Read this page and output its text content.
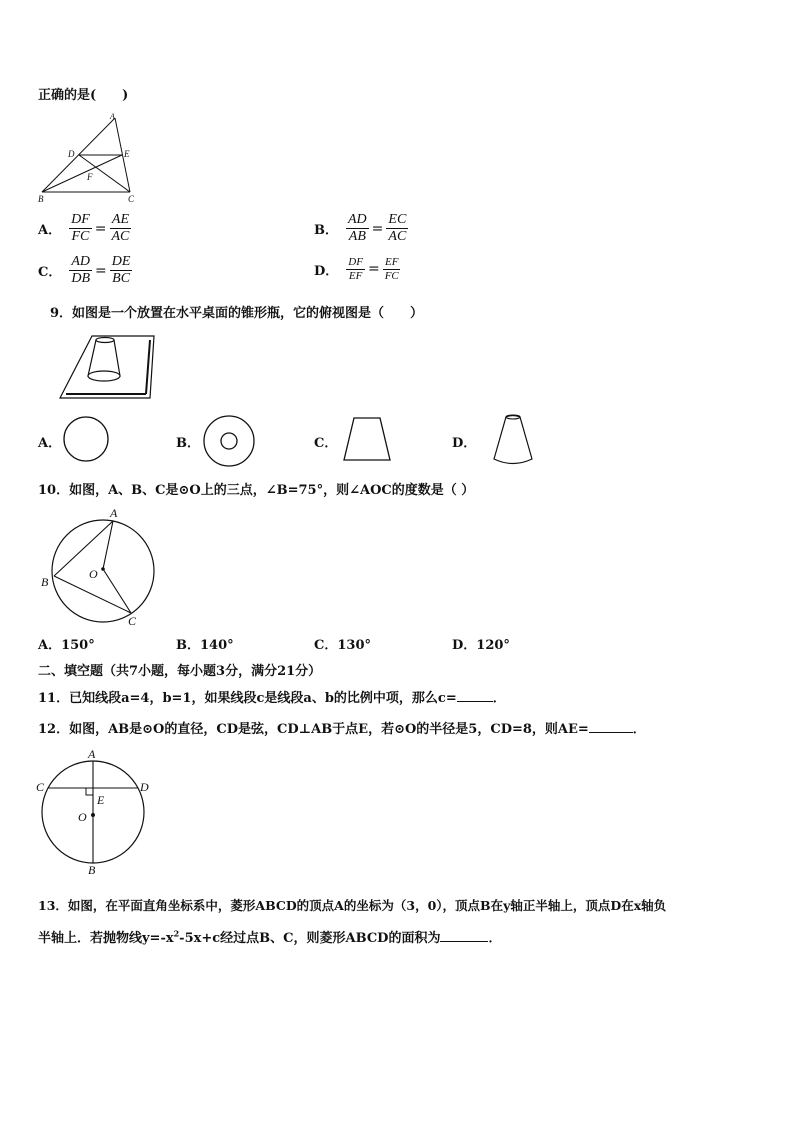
正确的是(　　)
A
D	E
F
B	C
A． $\frac{DF}{FC} = \frac{AE}{AC}$	B． $\frac{AD}{AB} = \frac{EC}{AC}$
C． $\frac{AD}{DB} = \frac{DE}{BC}$	D． $\frac{DF}{EF} = \frac{EF}{FC}$
9．如图是一个放置在水平桌面的锥形瓶，它的俯视图是（　　）
A．	B．	C．	D．
10．如图，A、B、C是⊙O上的三点，∠B=75°，则∠AOC的度数是（ ）
A
B
O
C
A．150°	B．140°	C．130°	D．120°
二、填空题（共7小题，每小题3分，满分21分）
11．已知线段a=4，b=1，如果线段c是线段a、b的比例中项，那么c=	．
12．如图，AB是⊙O的直径，CD是弦，CD⊥AB于点E，若⊙O的半径是5，CD=8，则AE=	．
A
C	D
E
O
B
13．如图，在平面直角坐标系中，菱形ABCD的顶点A的坐标为（3，0），顶点B在y轴正半轴上，顶点D在x轴负
半轴上．若抛物线$y=-x^2-5x+c$经过点B、C，则菱形ABCD的面积为	．
